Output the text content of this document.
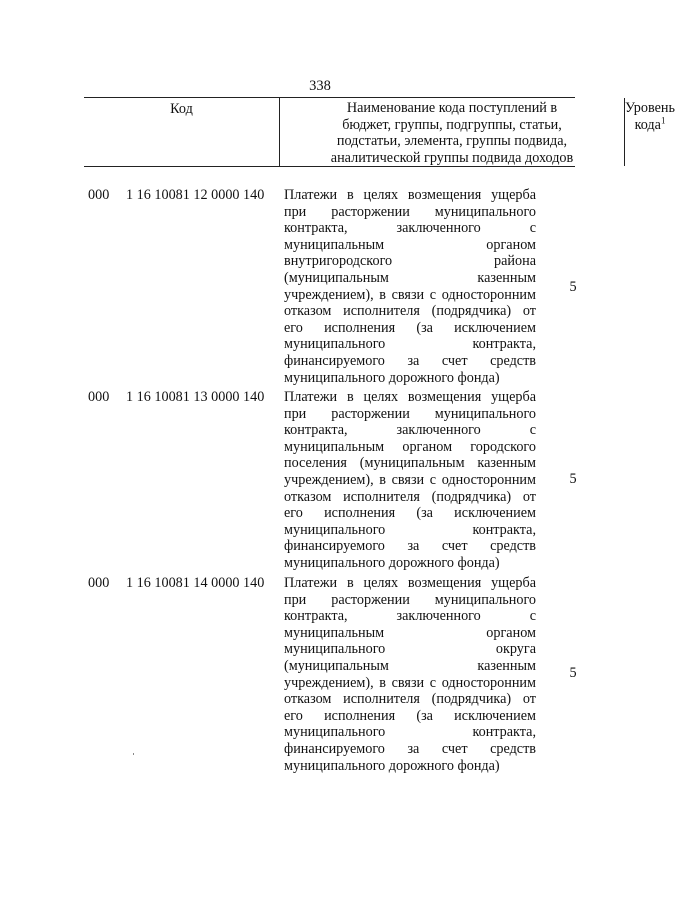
338
Код	Наименование кода поступлений в
бюджет, группы, подгруппы, статьи,
подстатьи, элемента, группы подвида,
аналитической группы подвида доходов
Уровень
кода$^1$
000	1 16 10081 12 0000 140	Платежи в целях возмещения ущерба
при расторжении муниципального
контракта, заключенного с
муниципальным органом
внутригородского района
(муниципальным казенным
учреждением), в связи с односторонним
отказом исполнителя (подрядчика) от
его исполнения (за исключением
муниципального контракта,
финансируемого за счет средств
муниципального дорожного фонда)
5
000	1 16 10081 13 0000 140	Платежи в целях возмещения ущерба
при расторжении муниципального
контракта, заключенного с
муниципальным органом городского
поселения (муниципальным казенным
учреждением), в связи с односторонним
отказом исполнителя (подрядчика) от
его исполнения (за исключением
муниципального контракта,
финансируемого за счет средств
муниципального дорожного фонда)
5
000	1 16 10081 14 0000 140	Платежи в целях возмещения ущерба
при расторжении муниципального
контракта, заключенного с
муниципальным органом
муниципального округа
(муниципальным казенным
учреждением), в связи с односторонним
отказом исполнителя (подрядчика) от
его исполнения (за исключением
муниципального контракта,
финансируемого за счет средств
муниципального дорожного фонда)
5
